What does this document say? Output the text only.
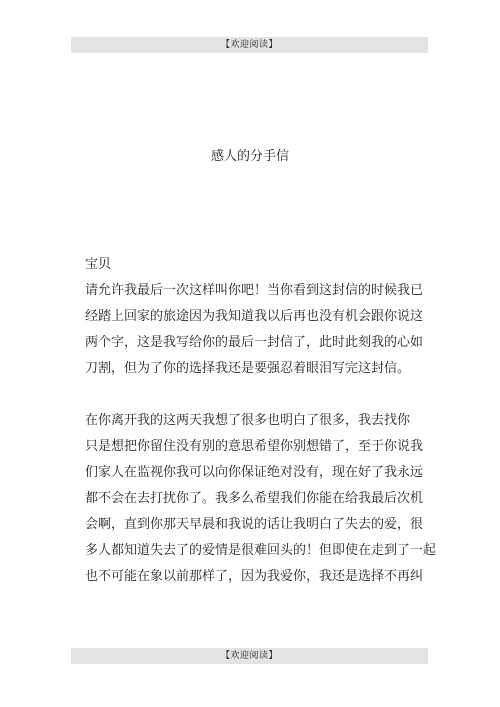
【欢迎阅读】
感人的分手信
宝贝
请允许我最后一次这样叫你吧！当你看到这封信的时候我已
经踏上回家的旅途因为我知道我以后再也没有机会跟你说这
两个字，这是我写给你的最后一封信了，此时此刻我的心如
刀割，但为了你的选择我还是要强忍着眼泪写完这封信。
在你离开我的这两天我想了很多也明白了很多，我去找你
只是想把你留住没有别的意思希望你别想错了，至于你说我
们家人在监视你我可以向你保证绝对没有，现在好了我永远
都不会在去打扰你了。我多么希望我们你能在给我最后次机
会啊，直到你那天早晨和我说的话让我明白了失去的爱，很
多人都知道失去了的爱情是很难回头的！但即使在走到了一起
也不可能在象以前那样了，因为我爱你，我还是选择不再纠
【欢迎阅读】
